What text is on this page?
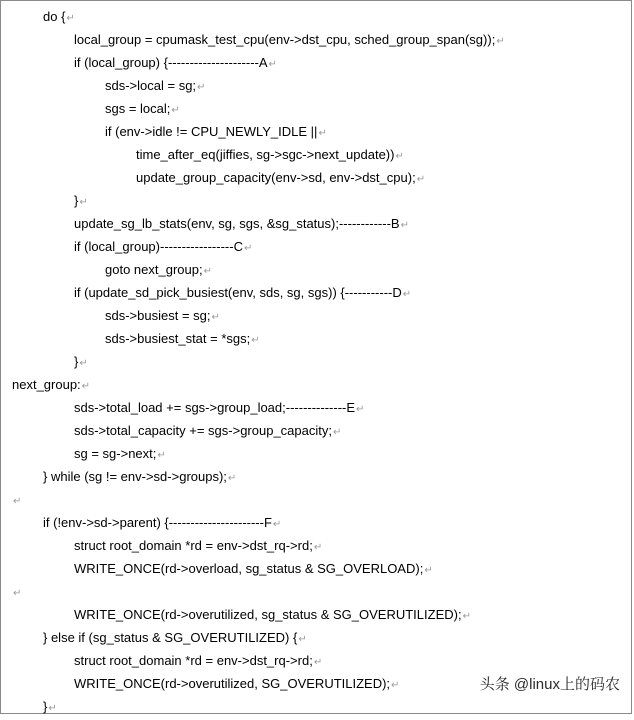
do {↵
local_group = cpumask_test_cpu(env->dst_cpu, sched_group_span(sg));↵
if (local_group) {---------------------A↵
sds->local = sg;↵
sgs = local;↵
if (env->idle != CPU_NEWLY_IDLE ||↵
time_after_eq(jiffies, sg->sgc->next_update))↵
update_group_capacity(env->sd, env->dst_cpu);↵
}↵
update_sg_lb_stats(env, sg, sgs, &sg_status);------------B↵
if (local_group)-----------------C↵
goto next_group;↵
if (update_sd_pick_busiest(env, sds, sg, sgs)) {-----------D↵
sds->busiest = sg;↵
sds->busiest_stat = *sgs;↵
}↵
next_group:↵
sds->total_load += sgs->group_load;--------------E↵
sds->total_capacity += sgs->group_capacity;↵
sg = sg->next;↵
} while (sg != env->sd->groups);↵
↵
if (!env->sd->parent) {----------------------F↵
struct root_domain *rd = env->dst_rq->rd;↵
WRITE_ONCE(rd->overload, sg_status & SG_OVERLOAD);↵
↵
WRITE_ONCE(rd->overutilized, sg_status & SG_OVERUTILIZED);↵
} else if (sg_status & SG_OVERUTILIZED) {↵
struct root_domain *rd = env->dst_rq->rd;↵
WRITE_ONCE(rd->overutilized, SG_OVERUTILIZED);↵
}↵
头条 @linux上的码农
